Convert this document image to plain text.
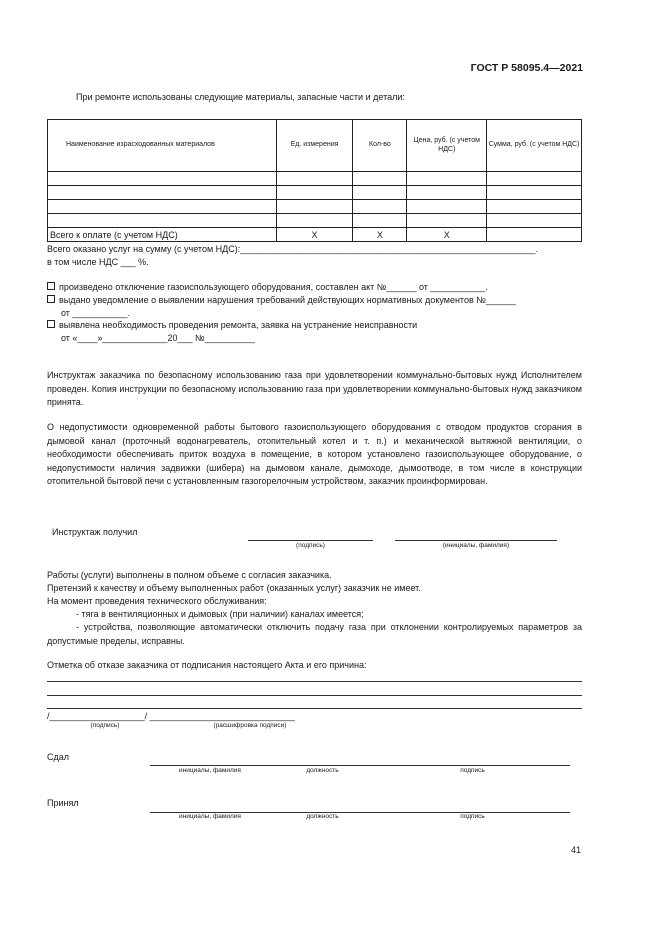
ГОСТ Р 58095.4—2021
При ремонте использованы следующие материалы, запасные части и детали:
Наименование израсходованных материалов	Ед. измерения	Кол-во	Цена, руб. (с учетом НДС)	Сумма, руб. (с учетом НДС)

Всего к оплате (с учетом НДС)	X	X	X	
Всего оказано услуг на сумму (с учетом НДС):___________________________________________________________.
в том числе НДС ___ %.
произведено отключение газоиспользующего оборудования, составлен акт №______ от ___________.
выдано уведомление о выявлении нарушения требований действующих нормативных документов №______
от ___________.
выявлена необходимость проведения ремонта, заявка на устранение неисправности
от «____»_____________20___ №__________
Инструктаж заказчика по безопасному использованию газа при удовлетворении коммунально-бытовых нужд Исполнителем проведен. Копия инструкции по безопасному использованию газа при удовлетворении коммунально-бытовых нужд заказчиком принята.
О недопустимости одновременной работы бытового газоиспользующего оборудования с отводом продуктов сгорания в дымовой канал (проточный водонагреватель, отопительный котел и т. п.) и механической вытяжной вентиляции, о необходимости обеспечивать приток воздуха в помещение, в котором установлено газоиспользующее оборудование, о недопустимости наличия задвижки (шибера) на дымовом канале, дымоходе, дымоотводе, в том числе в конструкции отопительной бытовой печи с установленным газогорелочным устройством, заказчик проинформирован.
Инструктаж получил
(подпись)	(инициалы, фамилия)
Работы (услуги) выполнены в полном объеме с согласия заказчика.
Претензий к качеству и объему выполненных работ (оказанных услуг) заказчик не имеет.
На момент проведения технического обслуживания:
- тяга в вентиляционных и дымовых (при наличии) каналах имеется;
- устройства, позволяющие автоматически отключить подачу газа при отклонении контролируемых параметров за допустимые пределы, исправны.
Отметка об отказе заказчика от подписания настоящего Акта и его причина:
/___________________/ _____________________________
(подпись)	(расшифровка подписи)
Сдал
инициалы, фамилия	должность	подпись
Принял
инициалы, фамилия	должность	подпись
41
